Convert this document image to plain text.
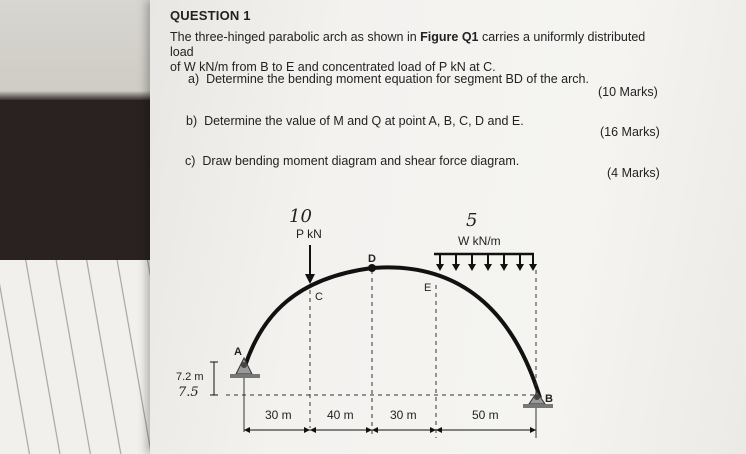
QUESTION 1
The three-hinged parabolic arch as shown in Figure Q1 carries a uniformly distributed load
of W kN/m from B to E and concentrated load of P kN at C.
a) Determine the bending moment equation for segment BD of the arch.
(10 Marks)
b) Determine the value of M and Q at point A, B, C, D and E.
(16 Marks)
c) Draw bending moment diagram and shear force diagram.
(4 Marks)
10
P kN
5
W kN/m
D
C
E
A
B
7.2 m
7.5
30 m	40 m	30 m	50 m
